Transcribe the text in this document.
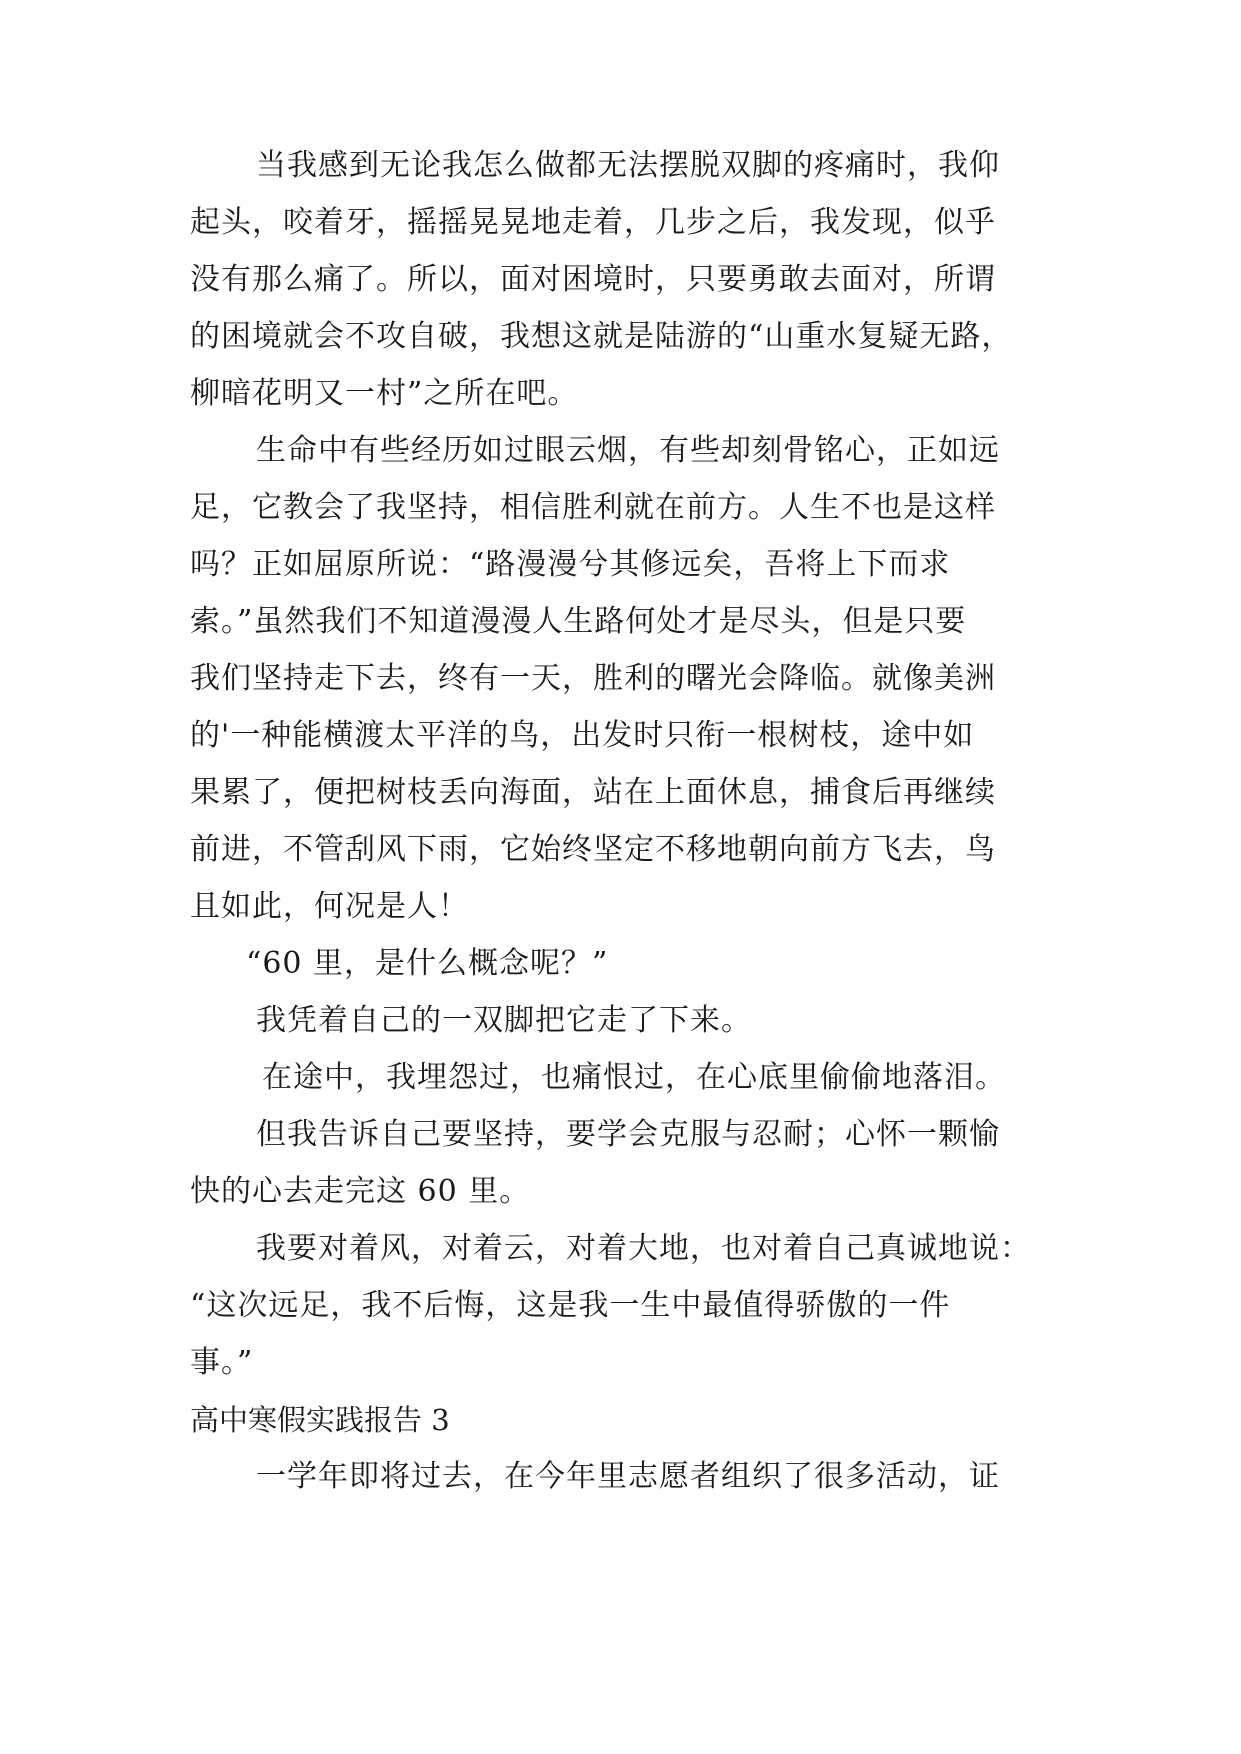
当我感到无论我怎么做都无法摆脱双脚的疼痛时，我仰
起头，咬着牙，摇摇晃晃地走着，几步之后，我发现，似乎
没有那么痛了。所以，面对困境时，只要勇敢去面对，所谓
的困境就会不攻自破，我想这就是陆游的“山重水复疑无路，
柳暗花明又一村”之所在吧。
生命中有些经历如过眼云烟，有些却刻骨铭心，正如远
足，它教会了我坚持，相信胜利就在前方。人生不也是这样
吗？正如屈原所说：“路漫漫兮其修远矣，吾将上下而求
索。”虽然我们不知道漫漫人生路何处才是尽头，但是只要
我们坚持走下去，终有一天，胜利的曙光会降临。就像美洲
的'一种能横渡太平洋的鸟，出发时只衔一根树枝，途中如
果累了，便把树枝丢向海面，站在上面休息，捕食后再继续
前进，不管刮风下雨，它始终坚定不移地朝向前方飞去，鸟
且如此，何况是人！
“60 里，是什么概念呢？”
我凭着自己的一双脚把它走了下来。
在途中，我埋怨过，也痛恨过，在心底里偷偷地落泪。
但我告诉自己要坚持，要学会克服与忍耐；心怀一颗愉
快的心去走完这 60 里。
我要对着风，对着云，对着大地，也对着自己真诚地说：
“这次远足，我不后悔，这是我一生中最值得骄傲的一件
事。”
高中寒假实践报告 3
一学年即将过去，在今年里志愿者组织了很多活动，证
